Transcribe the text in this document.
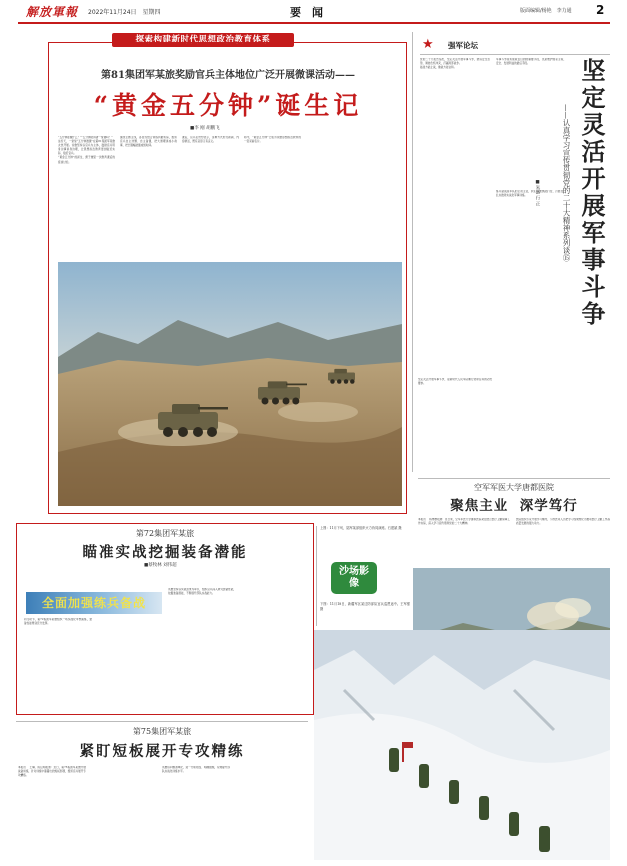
解放軍報 2022年11月24日　星期四	要　闻	版面编辑/杨艳　李力通 2
探索构建新时代思想政治教育体系
第81集团军某旅奖励官兵主体地位广泛开展微课活动——
“黄金五分钟”诞生记
■李 刚 胡鹏飞

“五分钟能做什么？”“五分钟能讲清一堂课吗？”

这些天，一堂堂“五分钟微课”在第81集团军某旅火热开展。该旅坚持以官兵为主体，鼓励官兵用身边事讲身边理，让思想政治教育更加贴近实际、贴近官兵。

“黄金五分钟”的诞生，源于旅里一次教育课后的座谈讨论。

围绕主题主线，各营连结合训练执勤实际，组织官兵自主选题、自主备课，把大道理讲成小故事，把长篇幅浓缩成短时间。

课后，官兵们纷纷表示，这种方式形式新颖、内容鲜活，既有意思又有意义。

如今，“黄金五分钟”已成为该旅思想政治教育的一张亮丽名片。

★	强军论坛

党的二十大报告指出，坚定灵活开展军事斗争，塑造安全态势，遏控危机冲突，打赢局部战争。

能战方能止战，敢战方能言和。

军事斗争是实现政治目的的重要手段，也是维护国家主权、安全、发展利益的最后手段。

练兵备战是军队的主责主业，我们要聚焦能打仗、打胜仗，扎实推进实战化军事训练。

坚定灵活开展军事斗争，是新时代人民军队履行使命任务的必然要求。

坚定灵活开展军事斗争
——认真学习宣传贯彻党的二十大精神系列谈⑮
■朱远 行 正
空军军医大学唐都医院
聚焦主业  深学笃行

本报讯 　杨博群报道：连日来，空军军医大学唐都医院紧密结合医疗卫勤保障工作实际，深入学习宣传贯彻党的二十大精神。

医院组织专家开展学习辅导，引导医务人员把学习成果转化为推动医疗卫勤工作高质量发展的强大动力。

第72集团军某旅
瞄准实战挖掘装备潜能
■蔡牧林 刘伟超
全面加强练兵备战

初冬时节，第72集团军某旅组织一场实战化考核演练，装备性能得到充分发挥。

该旅坚持以实战需求为牵引，组织官兵深入研究装备性能，挖掘装备潜能，不断提升部队实战能力。

上图：11月下旬，陆军某部组织火力协同演练。石建斌 摄
沙场影像
下图：11月18日，新疆军区某边防部队官兵巡逻途中。王军强 摄
第75集团军某旅
紧盯短板展开专攻精练

本报讯 　王琳、陈启明报道：近日，第75集团军某旅开展战备训练，针对训练中暴露出的短板弱项，组织官兵展开专攻精练。

该旅将问题清单化，逐一分析原因、明确措施，有效提升部队实战化训练水平。
